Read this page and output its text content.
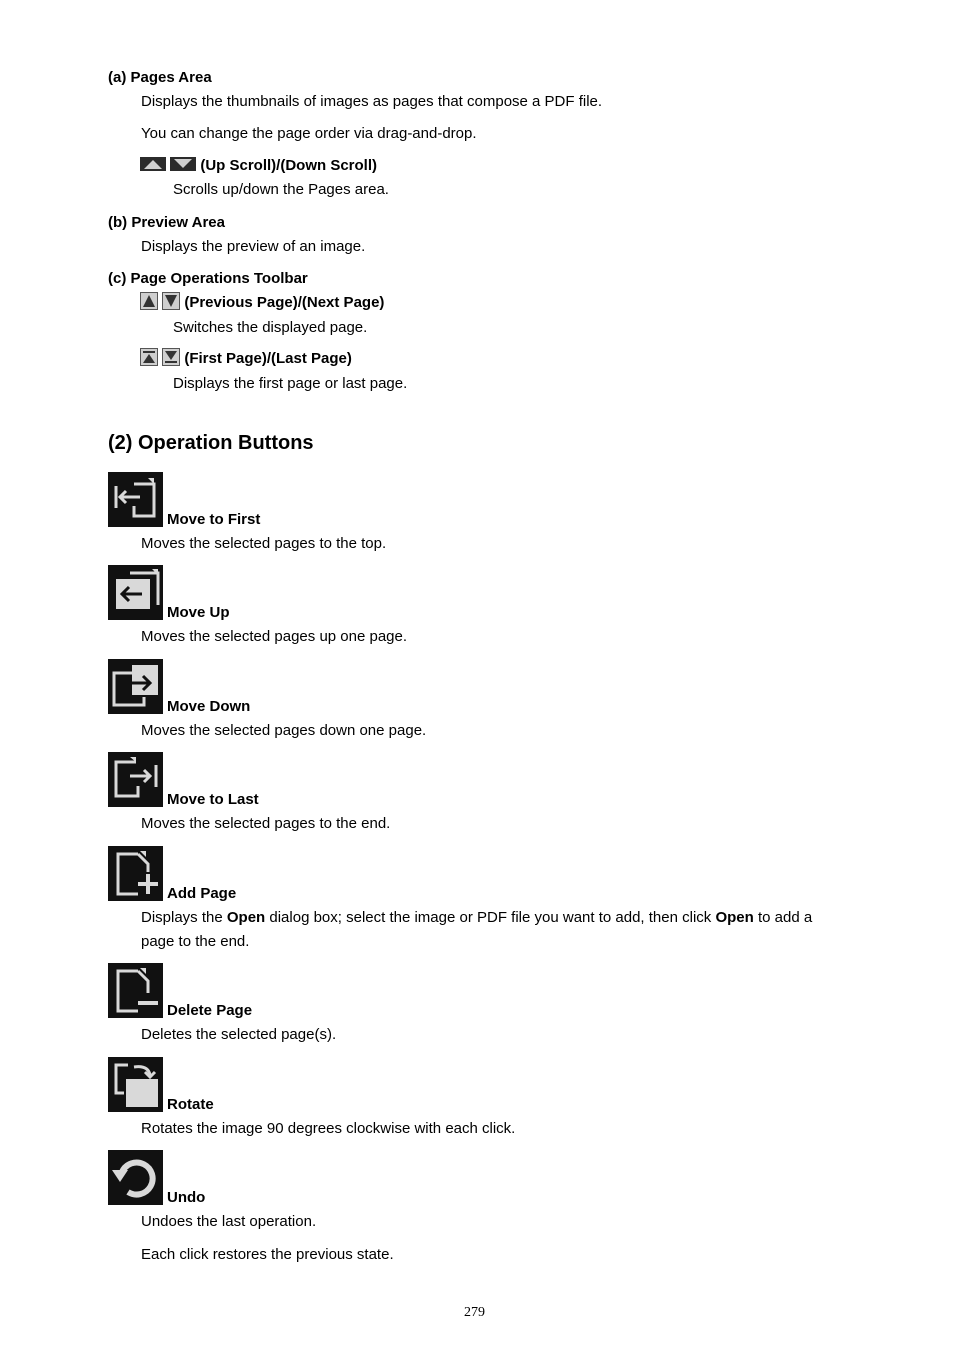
(a) Pages Area
Displays the thumbnails of images as pages that compose a PDF file.
You can change the page order via drag-and-drop.
(Up Scroll)/(Down Scroll)
Scrolls up/down the Pages area.
(b) Preview Area
Displays the preview of an image.
(c) Page Operations Toolbar
(Previous Page)/(Next Page)
Switches the displayed page.
(First Page)/(Last Page)
Displays the first page or last page.
(2) Operation Buttons
Move to First
Moves the selected pages to the top.
Move Up
Moves the selected pages up one page.
Move Down
Moves the selected pages down one page.
Move to Last
Moves the selected pages to the end.
Add Page
Displays the Open dialog box; select the image or PDF file you want to add, then click Open to add a
page to the end.
Delete Page
Deletes the selected page(s).
Rotate
Rotates the image 90 degrees clockwise with each click.
Undo
Undoes the last operation.
Each click restores the previous state.
279
